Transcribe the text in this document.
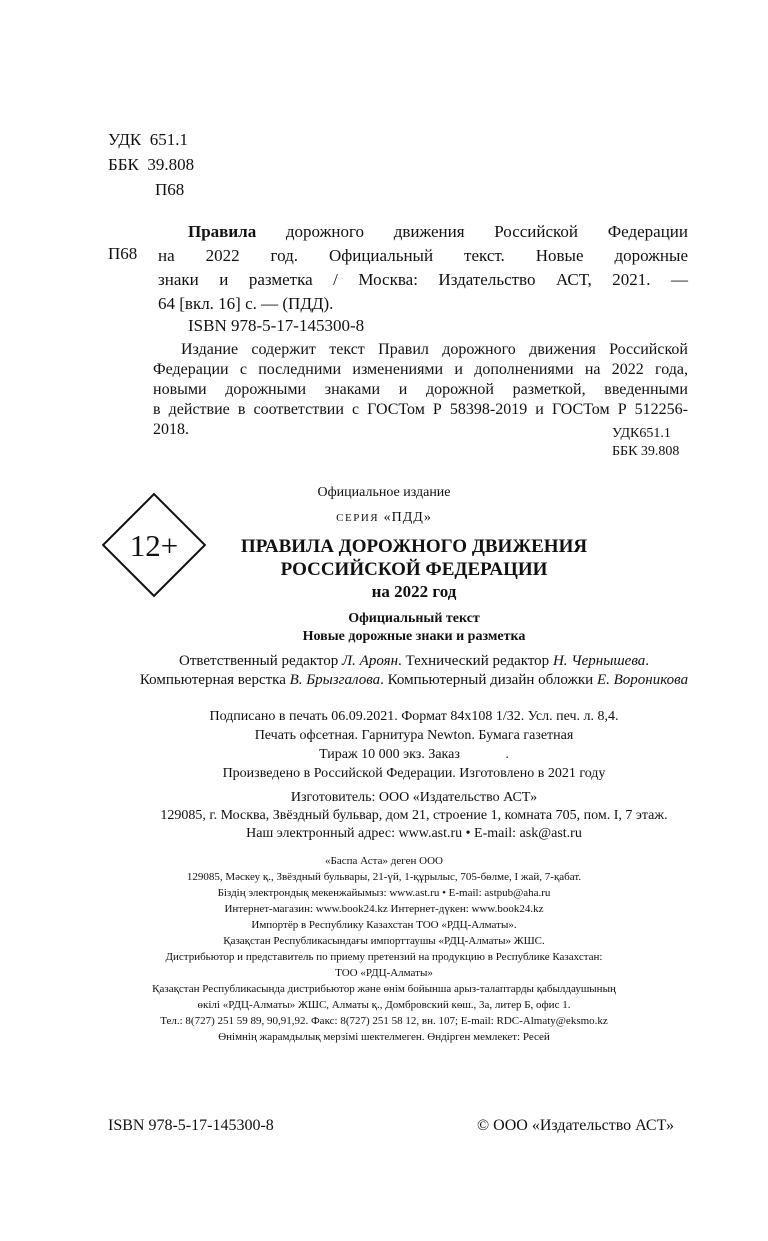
УДК 651.1
ББК 39.808
П68
П68
Правила дорожного движения Российской Федерации
на 2022 год. Официальный текст. Новые дорожные
знаки и разметка / Москва: Издательство АСТ, 2021. —
64 [вкл. 16] с. — (ПДД).
ISBN 978-5-17-145300-8
Издание содержит текст Правил дорожного движения Российской
Федерации с последними изменениями и дополнениями на 2022 года,
новыми дорожными знаками и дорожной разметкой, введенными
в действие в соответствии с ГОСТом Р 58398-2019 и ГОСТом Р 512256-
2018.	УДК651.1
ББК 39.808
Официальное издание
СЕРИЯ «ПДД»
12+	ПРАВИЛА ДОРОЖНОГО ДВИЖЕНИЯ
РОССИЙСКОЙ ФЕДЕРАЦИИ
на 2022 год
Официальный текст
Новые дорожные знаки и разметка
Ответственный редактор Л. Ароян. Технический редактор Н. Чернышева.
Компьютерная верстка В. Брызгалова. Компьютерный дизайн обложки Е. Вороникова
Подписано в печать 06.09.2021. Формат 84x108 1/32. Усл. печ. л. 8,4.
Печать офсетная. Гарнитура Newton. Бумага газетная
Тираж 10 000 экз. Заказ             .
Произведено в Российской Федерации. Изготовлено в 2021 году
Изготовитель: ООО «Издательство АСТ»
129085, г. Москва, Звёздный бульвар, дом 21, строение 1, комната 705, пом. I, 7 этаж.
Наш электронный адрес: www.ast.ru • E-mail: ask@ast.ru
«Баспа Аста» деген ООО
129085, Мәскеу қ., Звёздный бульвары, 21-үй, 1-құрылыс, 705-бөлме, I жай, 7-қабат.
Біздің электрондық мекенжайымыз: www.ast.ru • E-mail: astpub@aha.ru
Интернет-магазин: www.book24.kz Интернет-дүкен: www.book24.kz
Импортёр в Республику Казахстан ТОО «РДЦ-Алматы».
Қазақстан Республикасындағы импорттаушы «РДЦ-Алматы» ЖШС.
Дистрибьютор и представитель по приему претензий на продукцию в Республике Казахстан:
ТОО «РДЦ-Алматы»
Қазақстан Республикасында дистрибьютор және өнім бойынша арыз-талаптарды қабылдаушының
өкілі «РДЦ-Алматы» ЖШС, Алматы қ., Домбровский көш., 3а, литер Б, офис 1.
Тел.: 8(727) 251 59 89, 90,91,92. Факс: 8(727) 251 58 12, вн. 107; E-mail: RDC-Almaty@eksmo.kz
Өнімнің жарамдылық мерзімі шектелмеген. Өндірген мемлекет: Ресей
ISBN 978-5-17-145300-8	© ООО «Издательство АСТ»
